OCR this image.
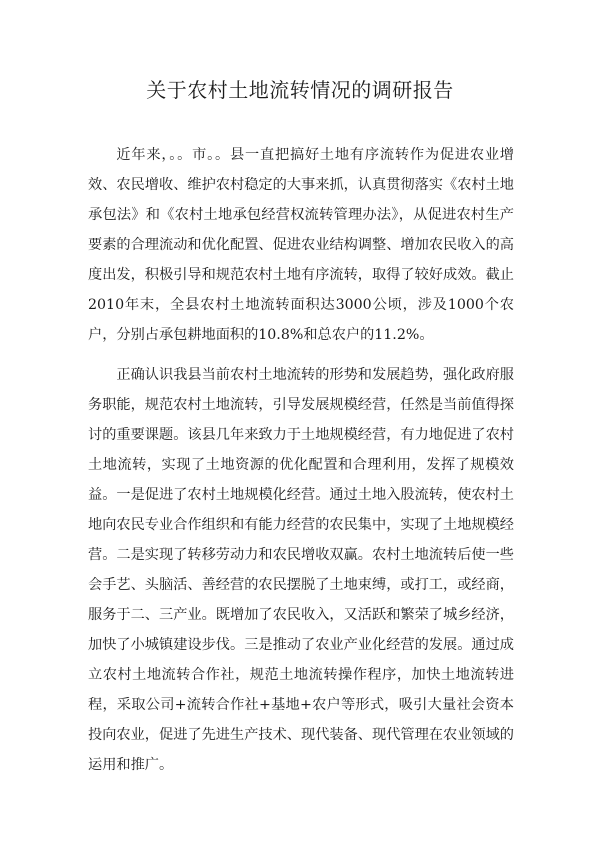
关于农村土地流转情况的调研报告

近年来，。。市。。县一直把搞好土地有序流转作为促进农业增效、农民增收、维护农村稳定的大事来抓，认真贯彻落实《农村土地承包法》和《农村土地承包经营权流转管理办法》，从促进农村生产要素的合理流动和优化配置、促进农业结构调整、增加农民收入的高度出发，积极引导和规范农村土地有序流转，取得了较好成效。截止2010年末，全县农村土地流转面积达3000公顷，涉及1000个农户，分别占承包耕地面积的10.8%和总农户的11.2%。

正确认识我县当前农村土地流转的形势和发展趋势，强化政府服务职能，规范农村土地流转，引导发展规模经营，任然是当前值得探讨的重要课题。该县几年来致力于土地规模经营，有力地促进了农村土地流转，实现了土地资源的优化配置和合理利用，发挥了规模效益。一是促进了农村土地规模化经营。通过土地入股流转，使农村土地向农民专业合作组织和有能力经营的农民集中，实现了土地规模经营。二是实现了转移劳动力和农民增收双赢。农村土地流转后使一些会手艺、头脑活、善经营的农民摆脱了土地束缚，或打工，或经商，服务于二、三产业。既增加了农民收入，又活跃和繁荣了城乡经济，加快了小城镇建设步伐。三是推动了农业产业化经营的发展。通过成立农村土地流转合作社，规范土地流转操作程序，加快土地流转进程，采取公司+流转合作社+基地+农户等形式，吸引大量社会资本投向农业，促进了先进生产技术、现代装备、现代管理在农业领域的运用和推广。
